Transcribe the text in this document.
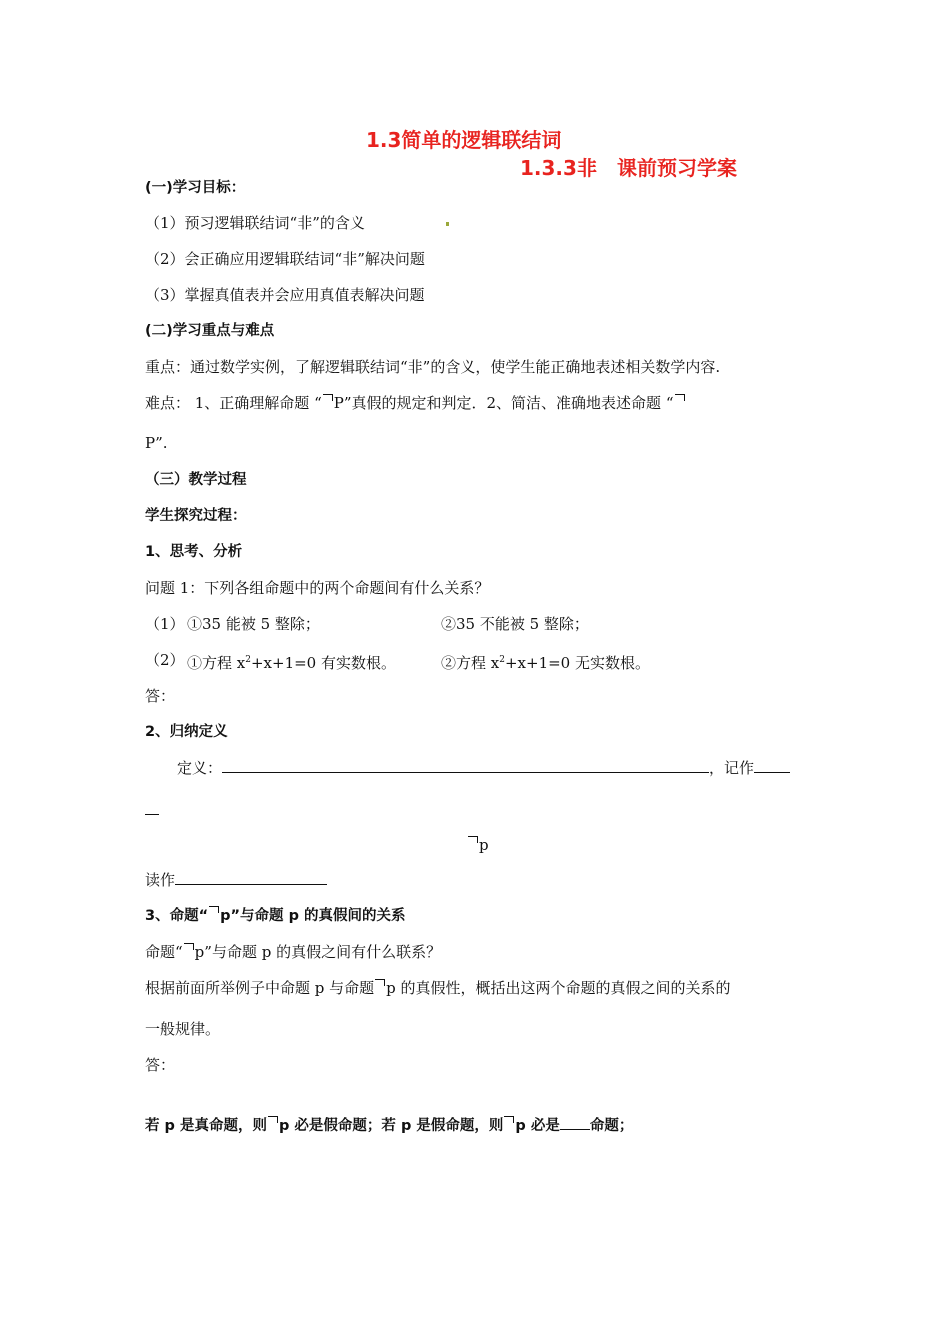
1.3简单的逻辑联结词
1.3.3非　课前预习学案
(一)学习目标：
（1）预习逻辑联结词“非”的含义
（2）会正确应用逻辑联结词“非”解决问题
（3）掌握真值表并会应用真值表解决问题
(二)学习重点与难点
重点：通过数学实例，了解逻辑联结词“非”的含义，使学生能正确地表述相关数学内容.
难点： 1、正确理解命题 “ P”真假的规定和判定．2、简洁、准确地表述命题 “
P”.
（三）教学过程
学生探究过程：
1、思考、分析
问题 1：下列各组命题中的两个命题间有什么关系？
（1） ①35 能被 5 整除；	②35 不能被 5 整除；
（2） ①方程 $x^2+x+1=0$ 有实数根。	②方程 $x^2+x+1=0$ 无实数根。
答：
2、归纳定义
定义：	，记作
p
读作
3、命题“ p”与命题 p 的真假间的关系
命题“ p”与命题 p 的真假之间有什么联系？
根据前面所举例子中命题 p 与命题 p 的真假性，概括出这两个命题的真假之间的关系的
一般规律。
答：
若 p 是真命题，则 p 必是假命题；若 p 是假命题，则 p 必是 命题；
